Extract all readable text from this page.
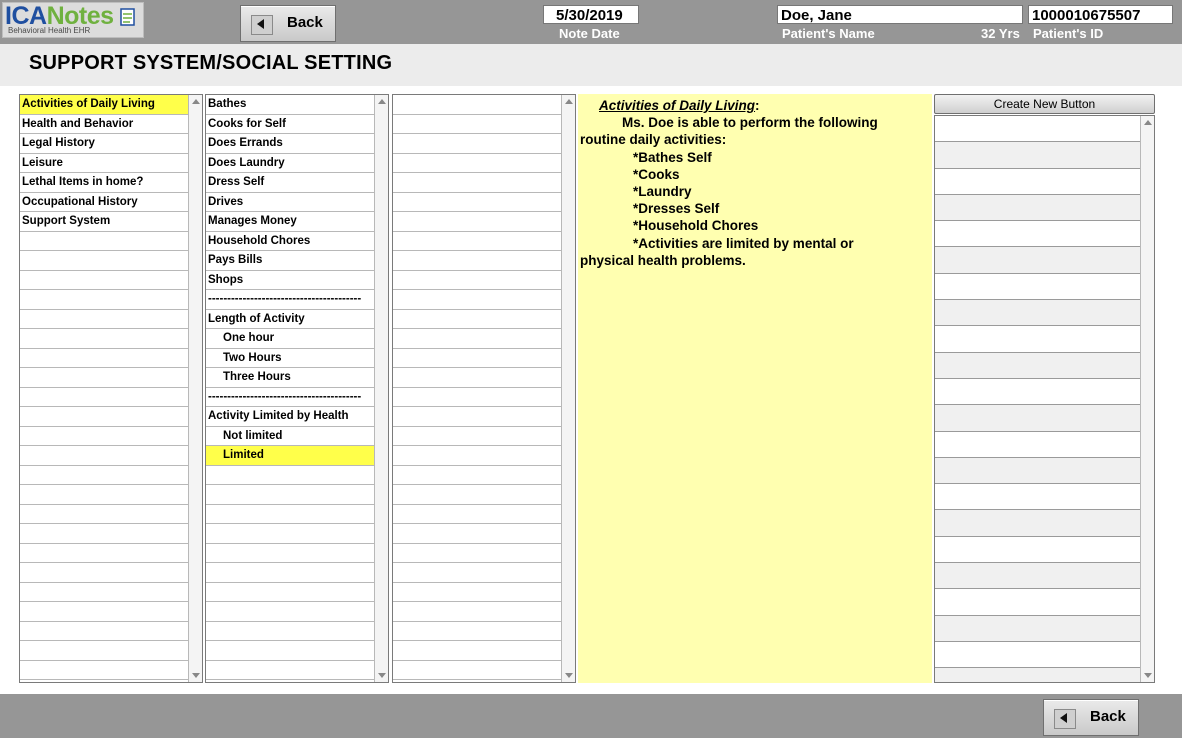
ICANotes
Behavioral Health EHR	Back	5/30/2019
Note Date
Doe, Jane
Patient's Name	32 Yrs
1000010675507
Patient's ID
SUPPORT SYSTEM/SOCIAL SETTING
Activities of Daily Living
Health and Behavior
Legal History
Leisure
Lethal Items in home?
Occupational History
Support System
Bathes
Cooks for Self
Does Errands
Does Laundry
Dress Self
Drives
Manages Money
Household Chores
Pays Bills
Shops
----------------------------------------
Length of Activity
One hour
Two Hours
Three Hours
----------------------------------------
Activity Limited by Health
Not limited
Limited
Activities of Daily Living:
Ms. Doe is able to perform the following
routine daily activities:
*Bathes Self
*Cooks
*Laundry
*Dresses Self
*Household Chores
*Activities are limited by mental or
physical health problems.
Create New Button
Back
